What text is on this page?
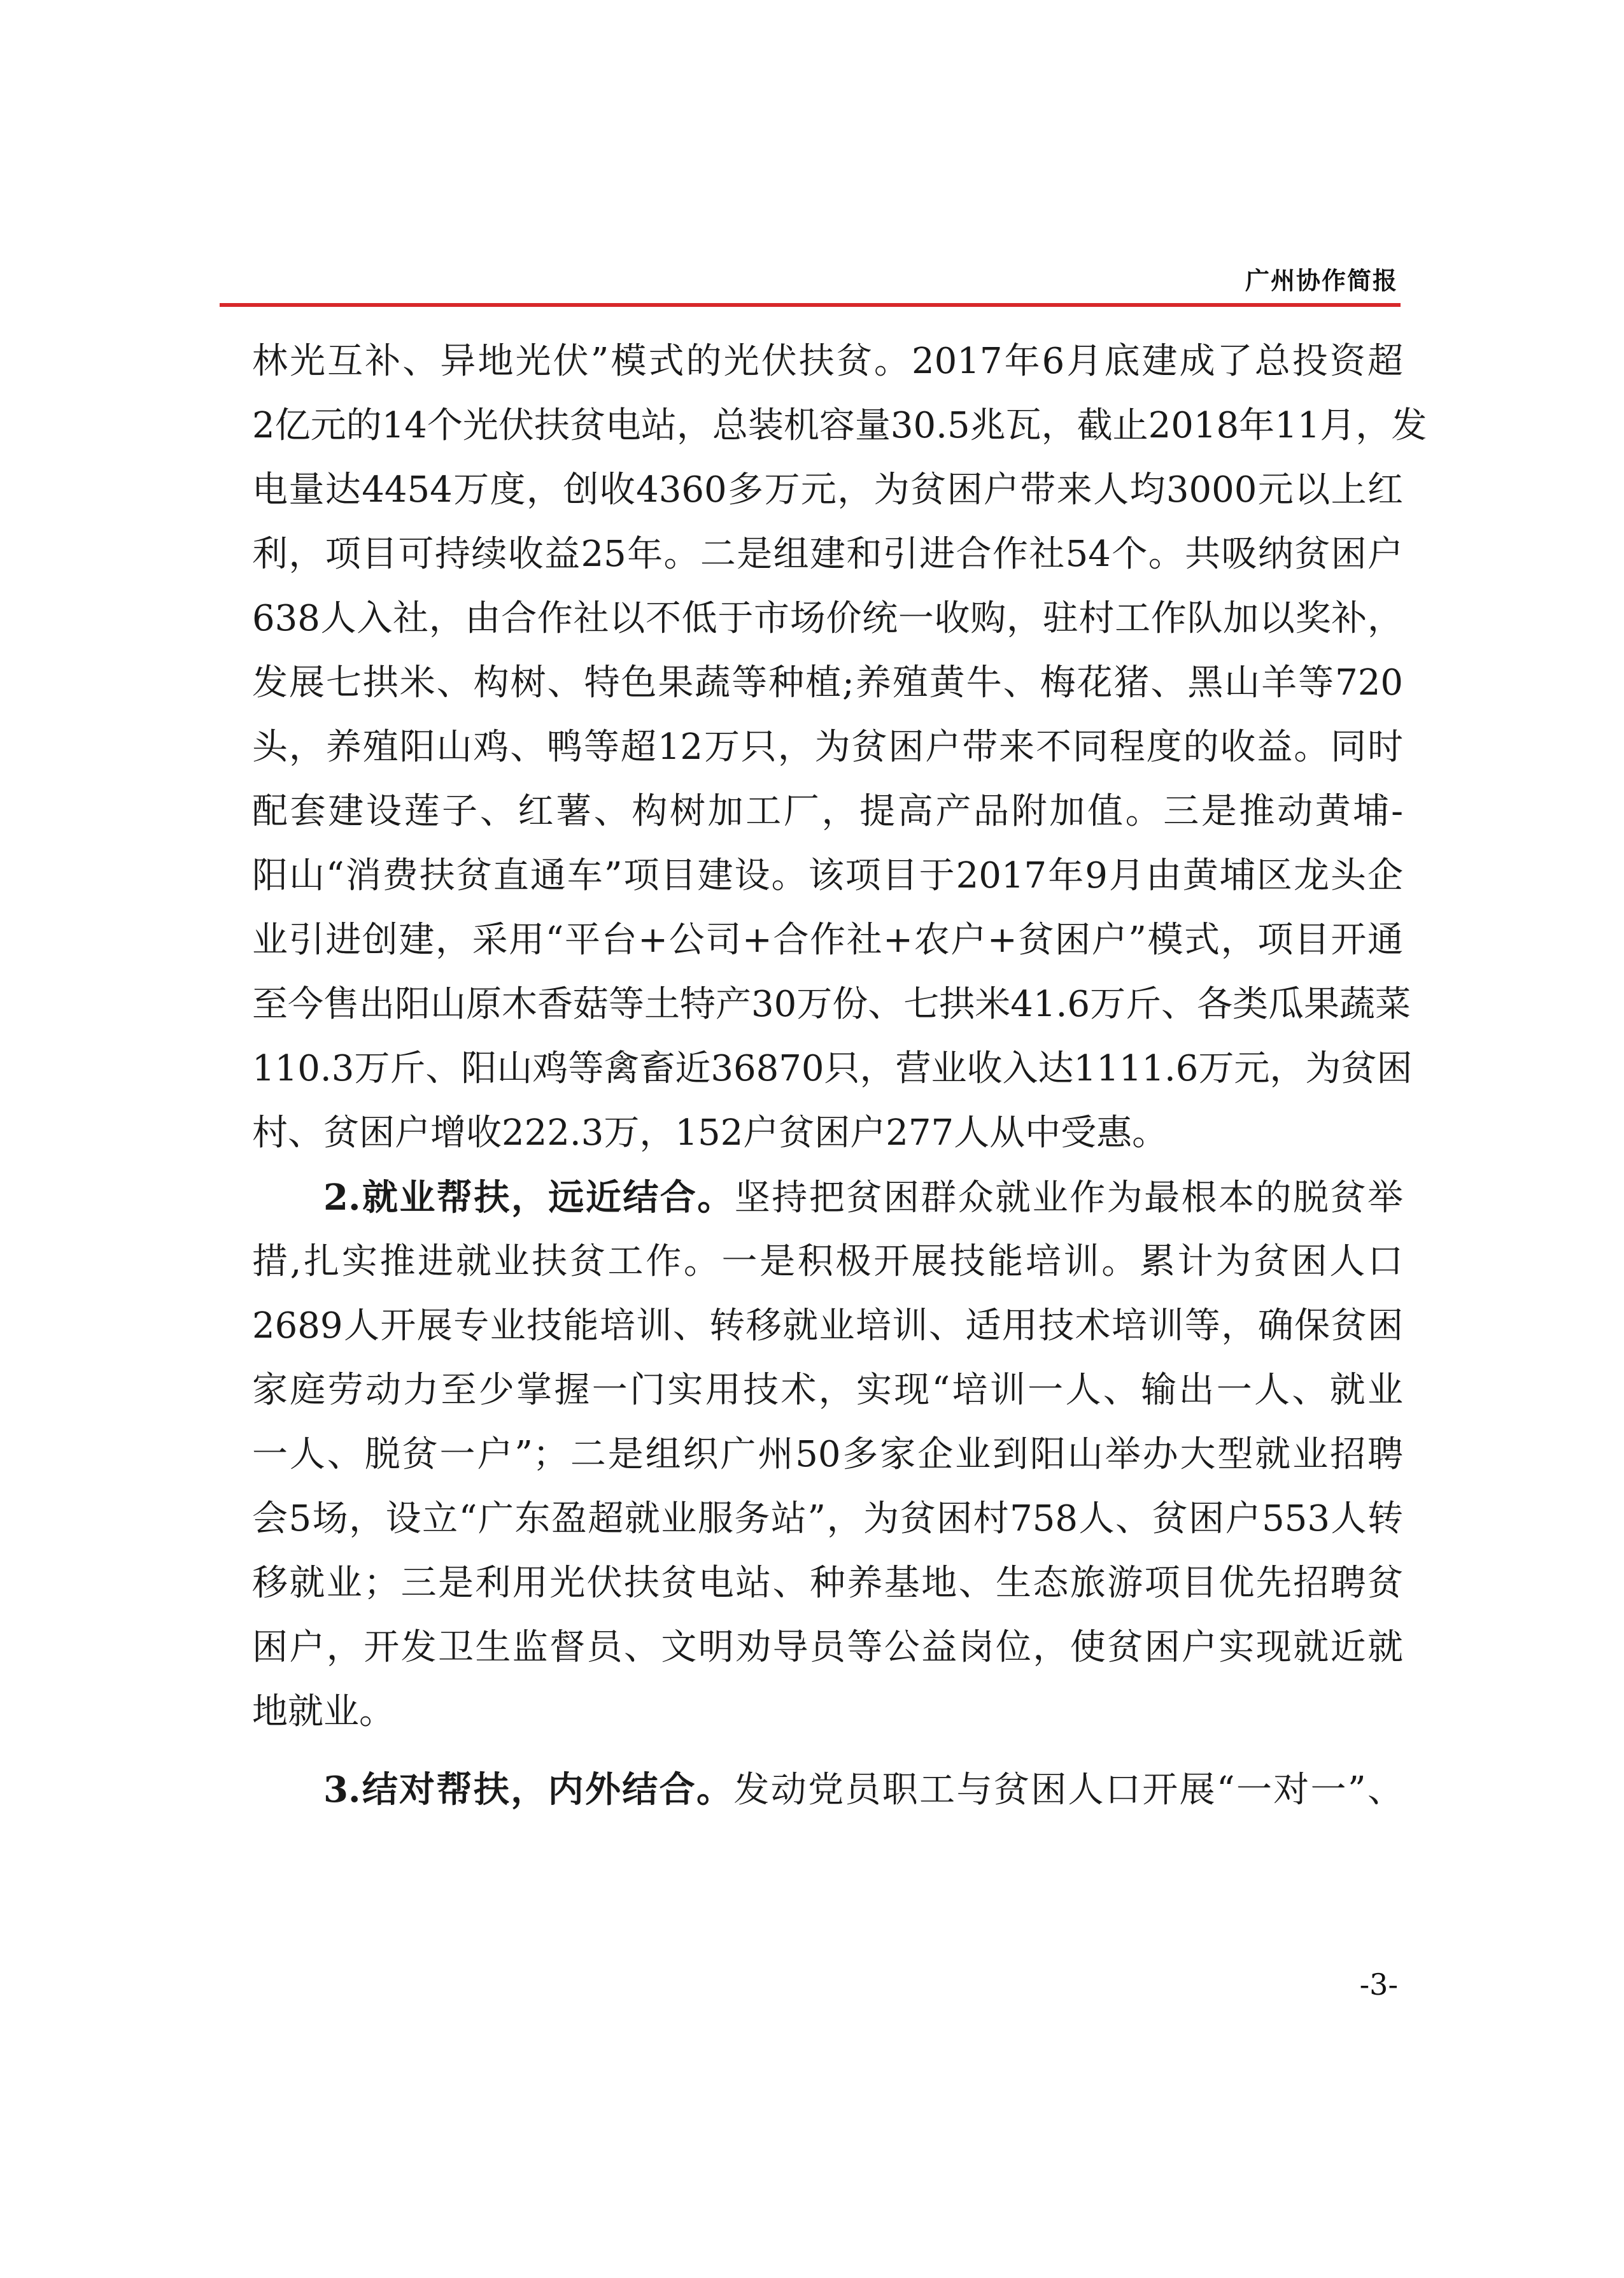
广州协作简报
林光互补、异地光伏”模式的光伏扶贫。2017年6月底建成了总投资超
2亿元的14个光伏扶贫电站，总装机容量30.5兆瓦，截止2018年11月，发
电量达4454万度，创收4360多万元，为贫困户带来人均3000元以上红
利，项目可持续收益25年。二是组建和引进合作社54个。共吸纳贫困户
638人入社，由合作社以不低于市场价统一收购，驻村工作队加以奖补，
发展七拱米、构树、特色果蔬等种植;养殖黄牛、梅花猪、黑山羊等720
头，养殖阳山鸡、鸭等超12万只，为贫困户带来不同程度的收益。同时
配套建设莲子、红薯、构树加工厂，提高产品附加值。三是推动黄埔-
阳山“消费扶贫直通车”项目建设。该项目于2017年9月由黄埔区龙头企
业引进创建，采用“平台+公司+合作社+农户+贫困户”模式，项目开通
至今售出阳山原木香菇等土特产30万份、七拱米41.6万斤、各类瓜果蔬菜
110.3万斤、阳山鸡等禽畜近36870只，营业收入达1111.6万元，为贫困
村、贫困户增收222.3万，152户贫困户277人从中受惠。
2.就业帮扶，远近结合。坚持把贫困群众就业作为最根本的脱贫举
措,扎实推进就业扶贫工作。一是积极开展技能培训。累计为贫困人口
2689人开展专业技能培训、转移就业培训、适用技术培训等，确保贫困
家庭劳动力至少掌握一门实用技术，实现“培训一人、输出一人、就业
一人、脱贫一户”；二是组织广州50多家企业到阳山举办大型就业招聘
会5场，设立“广东盈超就业服务站”，为贫困村758人、贫困户553人转
移就业；三是利用光伏扶贫电站、种养基地、生态旅游项目优先招聘贫
困户，开发卫生监督员、文明劝导员等公益岗位，使贫困户实现就近就
地就业。
3.结对帮扶，内外结合。发动党员职工与贫困人口开展“一对一”、
-3-
